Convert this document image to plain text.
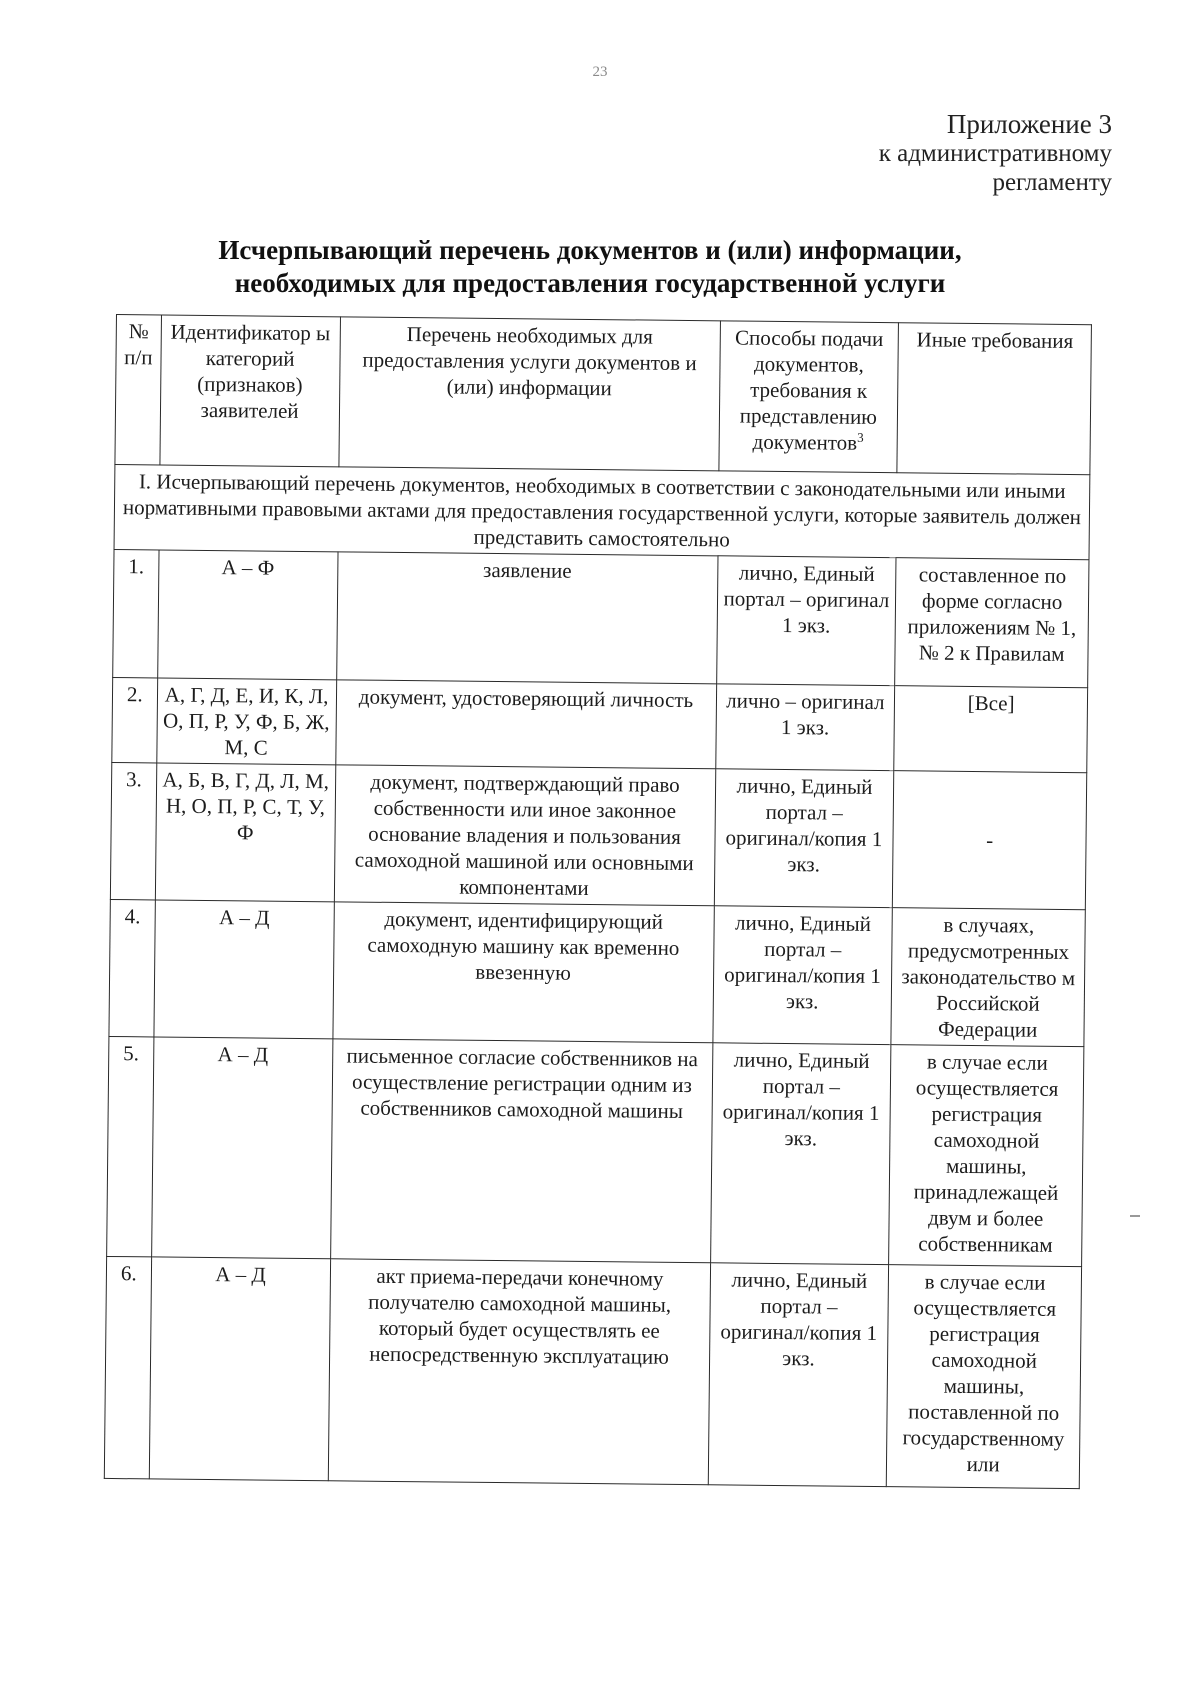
23
Приложение 3
к административному
регламенту
Исчерпывающий перечень документов и (или) информации,
необходимых для предоставления государственной услуги
№ п/п	Идентификатор ы категорий (признаков) заявителей	Перечень необходимых для предоставления услуги документов и (или) информации	Способы подачи документов, требования к представлению документов$^3$	Иные требования
I. Исчерпывающий перечень документов, необходимых в соответствии с законодательными или иными нормативными правовыми актами для предоставления государственной услуги, которые заявитель должен представить самостоятельно				
1.	А – Ф	заявление	лично, Единый портал – оригинал 1 экз.	составленное по форме согласно приложениям № 1, № 2 к Правилам
2.	А, Г, Д, Е, И, К, Л, О, П, Р, У, Ф, Б, Ж, М, С	документ, удостоверяющий личность	лично – оригинал 1 экз.	[Все]
3.	А, Б, В, Г, Д, Л, М, Н, О, П, Р, С, Т, У, Ф	документ, подтверждающий право собственности или иное законное основание владения и пользования самоходной машиной или основными компонентами	лично, Единый портал – оригинал/копия 1 экз.	-
4.	А – Д	документ, идентифицирующий самоходную машину как временно ввезенную	лично, Единый портал – оригинал/копия 1 экз.	в случаях, предусмотренных законодательство м Российской Федерации
5.	А – Д	письменное согласие собственников на осуществление регистрации одним из собственников самоходной машины	лично, Единый портал – оригинал/копия 1 экз.	в случае если осуществляется регистрация самоходной машины, принадлежащей двум и более собственникам
6.	А – Д	акт приема-передачи конечному получателю самоходной машины, который будет осуществлять ее непосредственную эксплуатацию	лично, Единый портал – оригинал/копия 1 экз.	в случае если осуществляется регистрация самоходной машины, поставленной по государственному или
